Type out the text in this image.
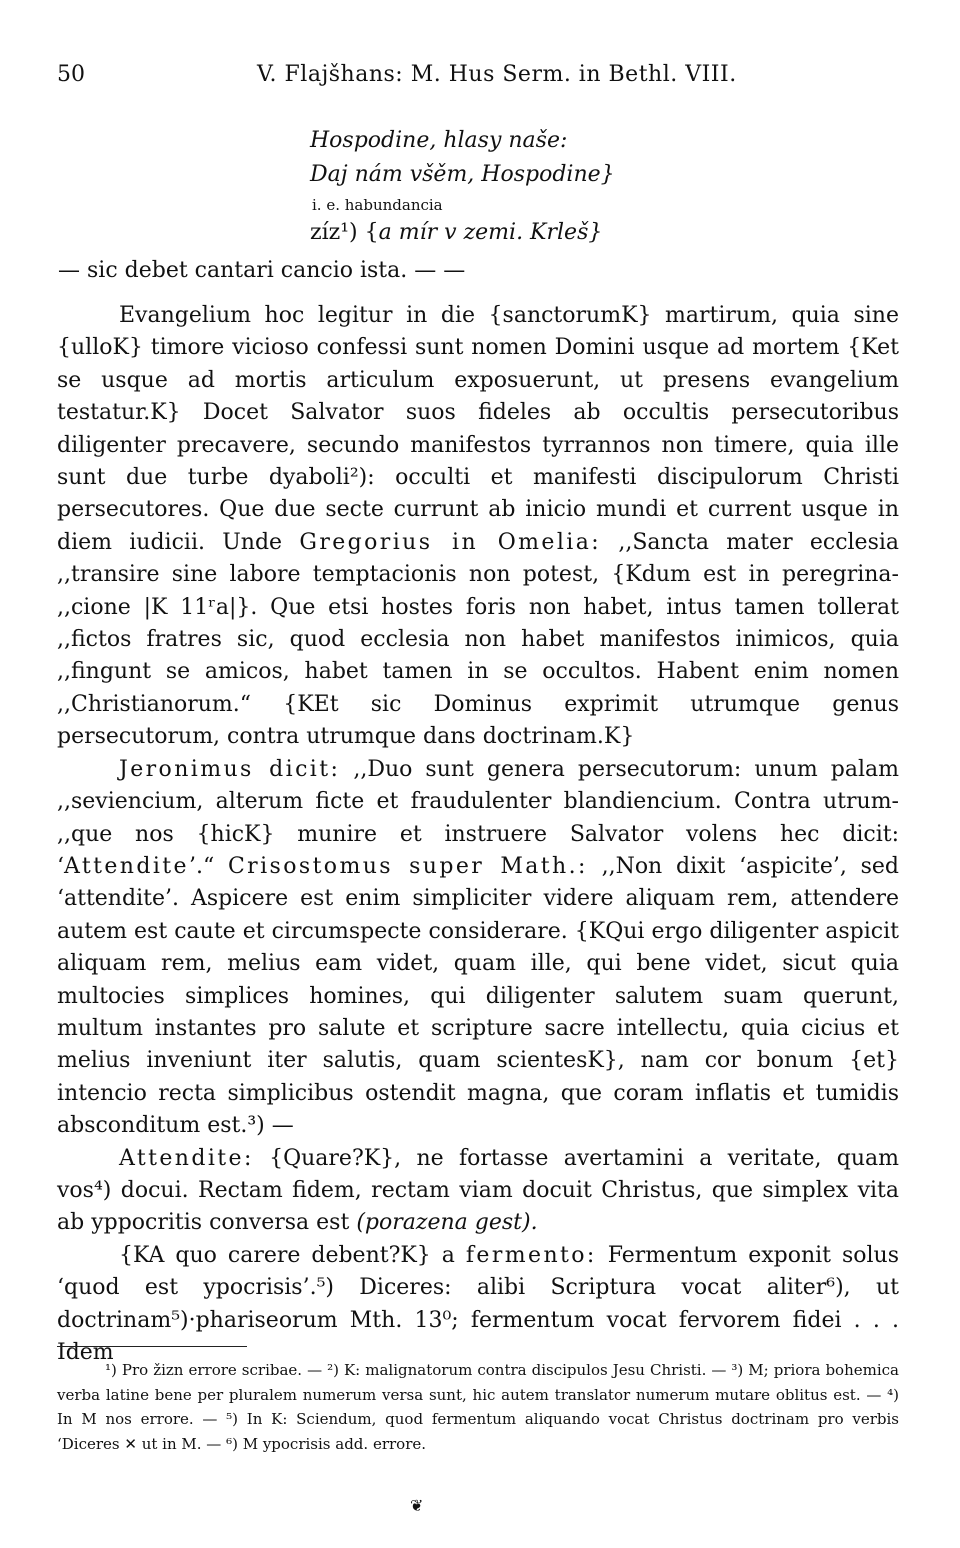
50	V. Flajšhans: M. Hus Serm. in Bethl. VIII.
Hospodine, hlasy naše:
Daj nám všěm, Hospodine}
i. e. habundancia
zíz¹) {a mír v zemi. Krleš}
— sic debet cantari cancio ista. — —

Evangelium hoc legitur in die {sanctorumK} martirum, quia sine {ulloK} timore vicioso confessi sunt nomen Domini usque ad mortem {Ket se usque ad mortis articulum exposuerunt, ut presens evangelium testatur.K} Docet Salvator suos fideles ab occultis persecutoribus diligenter precavere, secundo manifestos tyrrannos non timere, quia ille sunt due turbe dyaboli²): occulti et manifesti discipulorum Christi persecutores. Que due secte currunt ab inicio mundi et current usque in diem iudicii. Unde Gregorius in Omelia: ,,Sancta mater ecclesia ,,transire sine labore temptacionis non potest, {Kdum est in peregrina- ,,cione |K 11ʳa|}. Que etsi hostes foris non habet, intus tamen tollerat ,,fictos fratres sic, quod ecclesia non habet manifestos inimicos, quia ,,fingunt se amicos, habet tamen in se occultos. Habent enim nomen ,,Christianorum.“ {KEt sic Dominus exprimit utrumque genus persecutorum, contra utrumque dans doctrinam.K}

Jeronimus dicit: ,,Duo sunt genera persecutorum: unum palam ,,seviencium, alterum ficte et fraudulenter blandiencium. Contra utrum- ,,que nos {hicK} munire et instruere Salvator volens hec dicit: ‘Attendite’.“ Crisostomus super Math.: ,,Non dixit ‘aspicite’, sed ‘attendite’. Aspicere est enim simpliciter videre aliquam rem, attendere autem est caute et circumspecte considerare. {KQui ergo diligenter aspicit aliquam rem, melius eam videt, quam ille, qui bene videt, sicut quia multocies simplices homines, qui diligenter salutem suam querunt, multum instantes pro salute et scripture sacre intellectu, quia cicius et melius inveniunt iter salutis, quam scientesK}, nam cor bonum {et} intencio recta simplicibus ostendit magna, que coram inflatis et tumidis absconditum est.³) —

Attendite: {Quare?K}, ne fortasse avertamini a veritate, quam vos⁴) docui. Rectam fidem, rectam viam docuit Christus, que simplex vita ab yppocritis conversa est (porazena gest).

{KA quo carere debent?K} a fermento: Fermentum exponit solus ‘quod est ypocrisis’.⁵) Diceres: alibi Scriptura vocat aliter⁶), ut doctrinam⁵)·phariseorum Mth. 13⁰; fermentum vocat fervorem fidei . . . Idem

¹) Pro žizn errore scribae. — ²) K: malignatorum contra discipulos Jesu Christi. — ³) M; priora bohemica verba latine bene per pluralem numerum versa sunt, hic autem translator numerum mutare oblitus est. — ⁴) In M nos errore. — ⁵) In K: Sciendum, quod fermentum aliquando vocat Christus doctrinam pro verbis ‘Diceres ✕ ut in M. — ⁶) M ypocrisis add. errore.

❦
